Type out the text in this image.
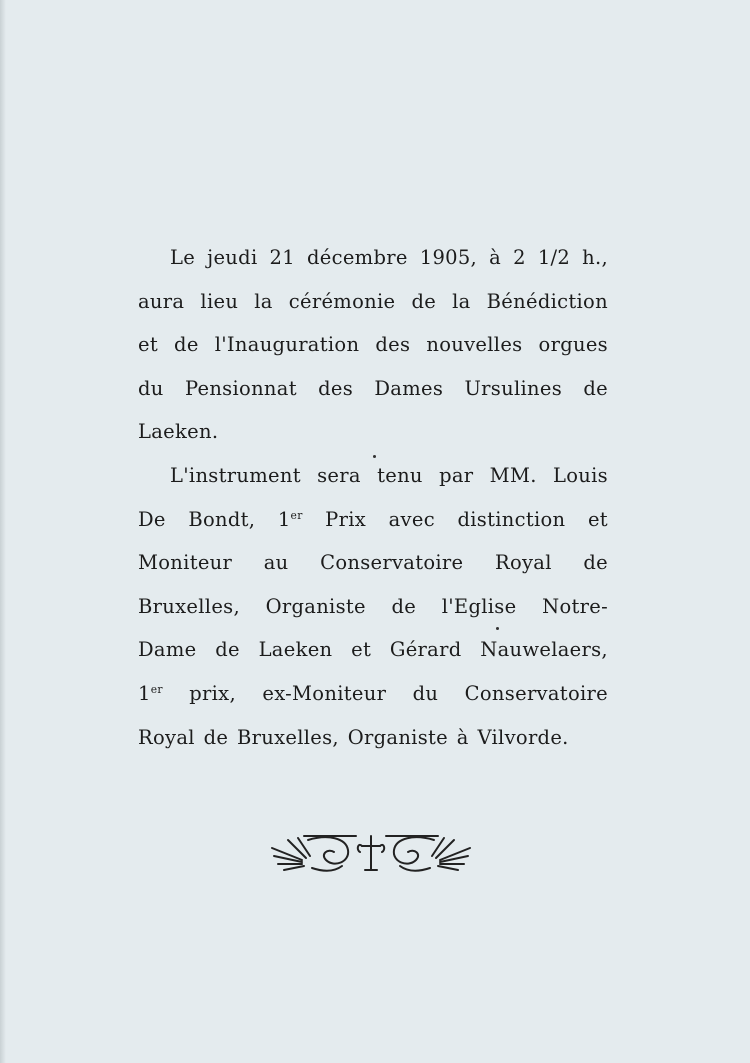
Le jeudi 21 décembre 1905, à 2 1/2 h.,
aura lieu la cérémonie de la Bénédiction
et de l'Inauguration des nouvelles orgues
du Pensionnat des Dames Ursulines de
Laeken.
L'instrument sera tenu par MM. Louis
De Bondt, 1er Prix avec distinction et
Moniteur au Conservatoire Royal de
Bruxelles, Organiste de l'Eglise Notre-
Dame de Laeken et Gérard Nauwelaers,
1er prix, ex-Moniteur du Conservatoire
Royal de Bruxelles, Organiste à Vilvorde.
